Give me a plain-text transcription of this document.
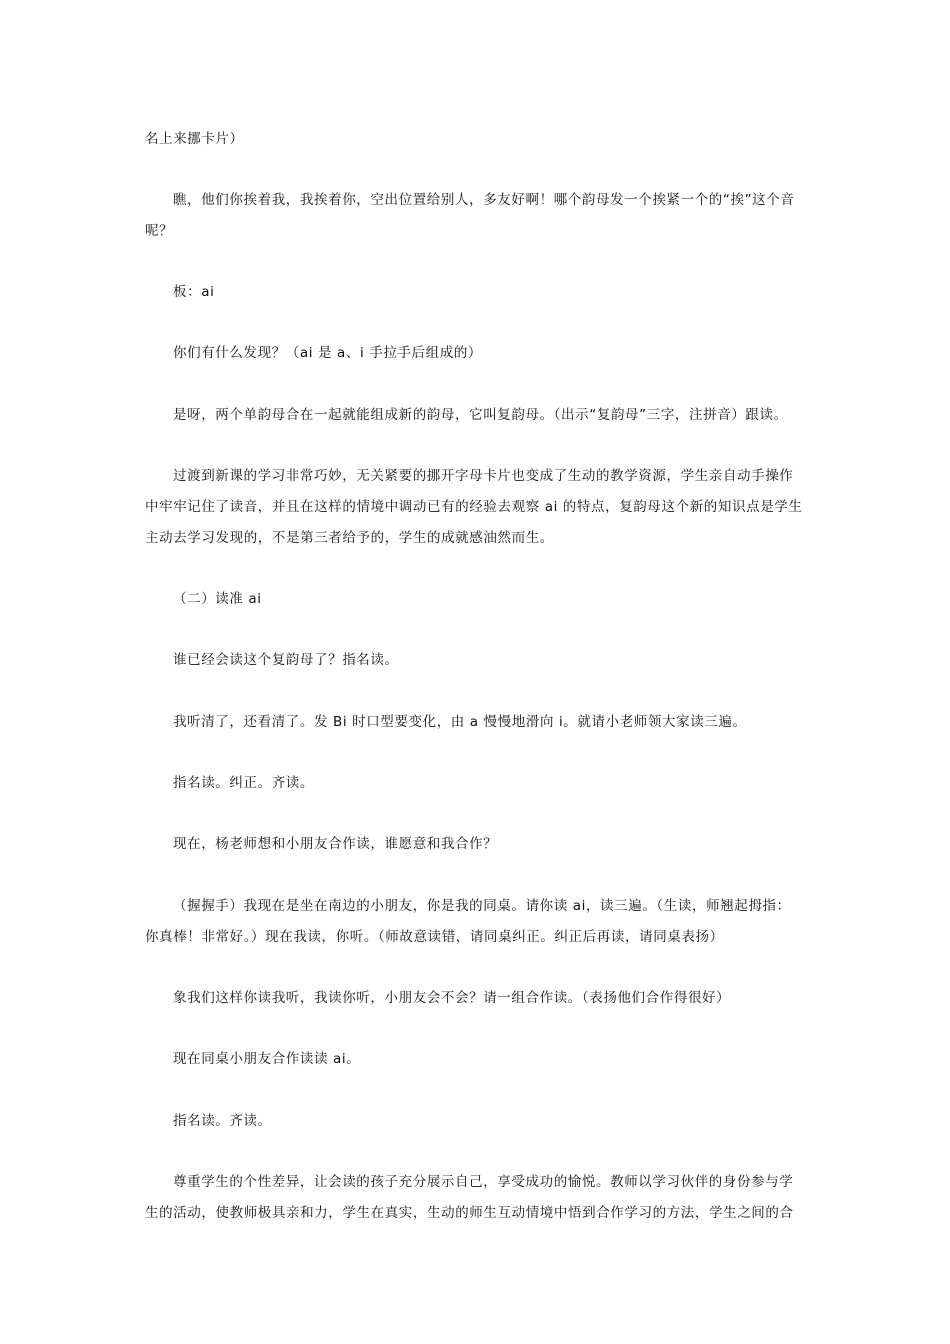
名上来挪卡片）

瞧，他们你挨着我，我挨着你，空出位置给别人，多友好啊！哪个韵母发一个挨紧一个的“挨”这个音
呢？

板：ai

你们有什么发现？（ai 是 a、i 手拉手后组成的）

是呀，两个单韵母合在一起就能组成新的韵母，它叫复韵母。（出示“复韵母”三字，注拼音）跟读。

过渡到新课的学习非常巧妙，无关紧要的挪开字母卡片也变成了生动的教学资源，学生亲自动手操作
中牢牢记住了读音，并且在这样的情境中调动已有的经验去观察 ai 的特点，复韵母这个新的知识点是学生
主动去学习发现的，不是第三者给予的，学生的成就感油然而生。

（二）读准 ai

谁已经会读这个复韵母了？指名读。

我听清了，还看清了。发 Bi 时口型要变化，由 a 慢慢地滑向 i。就请小老师领大家读三遍。

指名读。纠正。齐读。

现在，杨老师想和小朋友合作读，谁愿意和我合作？

（握握手）我现在是坐在南边的小朋友，你是我的同桌。请你读 ai，读三遍。（生读，师翘起拇指：
你真棒！非常好。）现在我读，你听。（师故意读错，请同桌纠正。纠正后再读，请同桌表扬）

象我们这样你读我听，我读你听，小朋友会不会？请一组合作读。（表扬他们合作得很好）

现在同桌小朋友合作读读 ai。

指名读。齐读。

尊重学生的个性差异，让会读的孩子充分展示自己，享受成功的愉悦。教师以学习伙伴的身份参与学
生的活动，使教师极具亲和力，学生在真实，生动的师生互动情境中悟到合作学习的方法，学生之间的合
